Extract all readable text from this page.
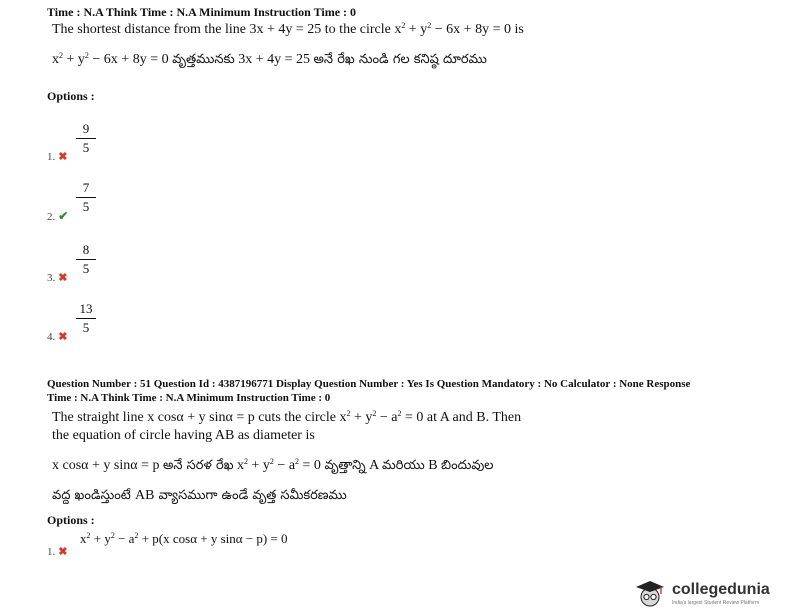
Time : N.A Think Time : N.A Minimum Instruction Time : 0
The shortest distance from the line 3x + 4y = 25 to the circle $x^2 + y^2 - 6x + 8y = 0$ is
$x^2 + y^2 - 6x + 8y = 0$ వృత్తమునకు 3x + 4y = 25 అనే రేఖ నుండి గల కనిష్ఠ దూరము
Options :
9
5
1. ✖
7
5
2. ✔
8
5
3. ✖
13
5
4. ✖
Question Number : 51 Question Id : 4387196771 Display Question Number : Yes Is Question Mandatory : No Calculator : None Response
Time : N.A Think Time : N.A Minimum Instruction Time : 0
The straight line x cosα + y sinα = p cuts the circle $x^2 + y^2 - a^2 = 0$ at A and B. Then
the equation of circle having AB as diameter is
x cosα + y sinα = p అనే సరళ రేఖ $x^2 + y^2 - a^2 = 0$ వృత్తాన్ని A మరియు B బిందువుల
వద్ద ఖండిస్తుంటే AB వ్యాసముగా ఉండే వృత్త సమీకరణము
Options :
$x^2 + y^2 - a^2 + p(x$ cosα + y sinα − p) = 0
1. ✖
collegedunia
India's largest Student Review Platform
